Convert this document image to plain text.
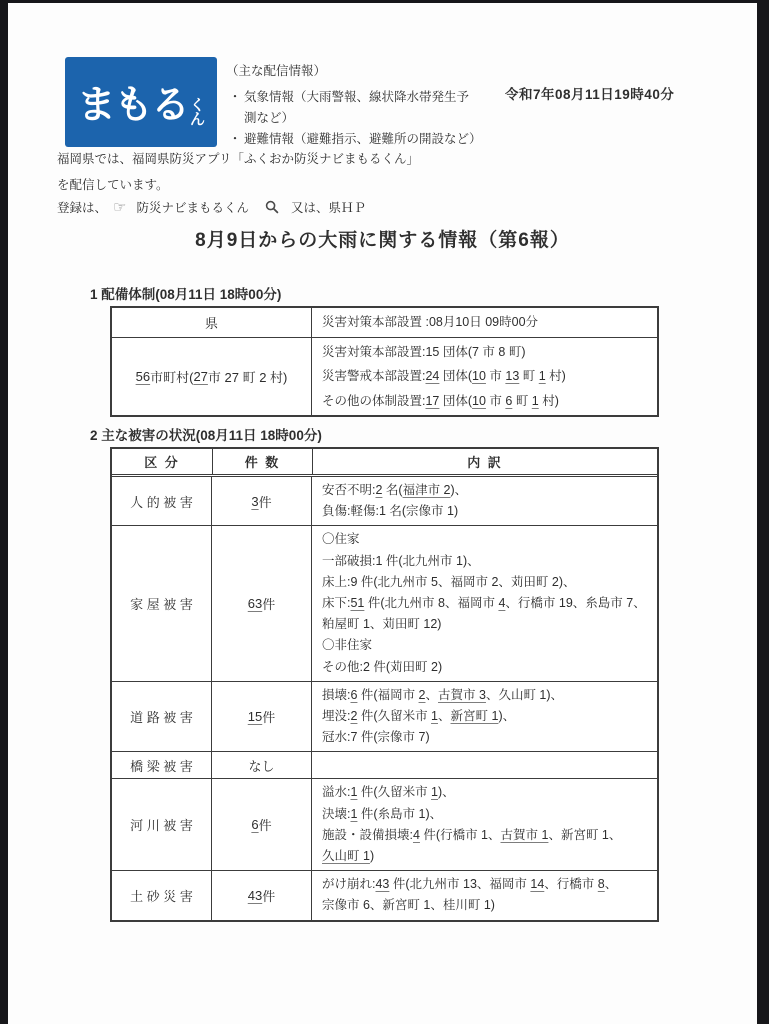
まもる く
ん
（主な配信情報）
・ 気象情報（大雨警報、線状降水帯発生予
測など）
・ 避難情報（避難指示、避難所の開設など）
令和7年08月11日19時40分
福岡県では、福岡県防災アプリ「ふくおか防災ナビまもるくん」
を配信しています。
登録は、 ☞ 防災ナビまもるくん	又は、県ＨＰ
8月9日からの大雨に関する情報（第6報）
1 配備体制(08月11日 18時00分)
県	災害対策本部設置 :08月10日 09時00分
56 市町村( 27 市 27 町 2 村)
災害対策本部設置:15 団体(7 市 8 町)
災害警戒本部設置:24 団体(10 市 13 町 1 村)
その他の体制設置:17 団体(10 市 6 町 1 村)
2 主な被害の状況(08月11日 18時00分)
区 分	件 数	内 訳
人 的 被 害	3 件
安否不明:2 名(福津市 2)、
負傷:軽傷:1 名(宗像市 1)
家 屋 被 害	63 件
〇住家
一部破損:1 件(北九州市 1)、
床上:9 件(北九州市 5、福岡市 2、苅田町 2)、
床下:51 件(北九州市 8、福岡市 4、行橋市 19、糸島市 7、
粕屋町 1、苅田町 12)
〇非住家
その他:2 件(苅田町 2)
道 路 被 害	15 件
損壊:6 件(福岡市 2、古賀市 3、久山町 1)、
埋没:2 件(久留米市 1、新宮町 1)、
冠水:7 件(宗像市 7)
橋 梁 被 害	なし
河 川 被 害	6 件
溢水:1 件(久留米市 1)、
決壊:1 件(糸島市 1)、
施設・設備損壊:4 件(行橋市 1、古賀市 1、新宮町 1、
久山町 1)
土 砂 災 害	43 件
がけ崩れ:43 件(北九州市 13、福岡市 14、行橋市 8、
宗像市 6、新宮町 1、桂川町 1)
